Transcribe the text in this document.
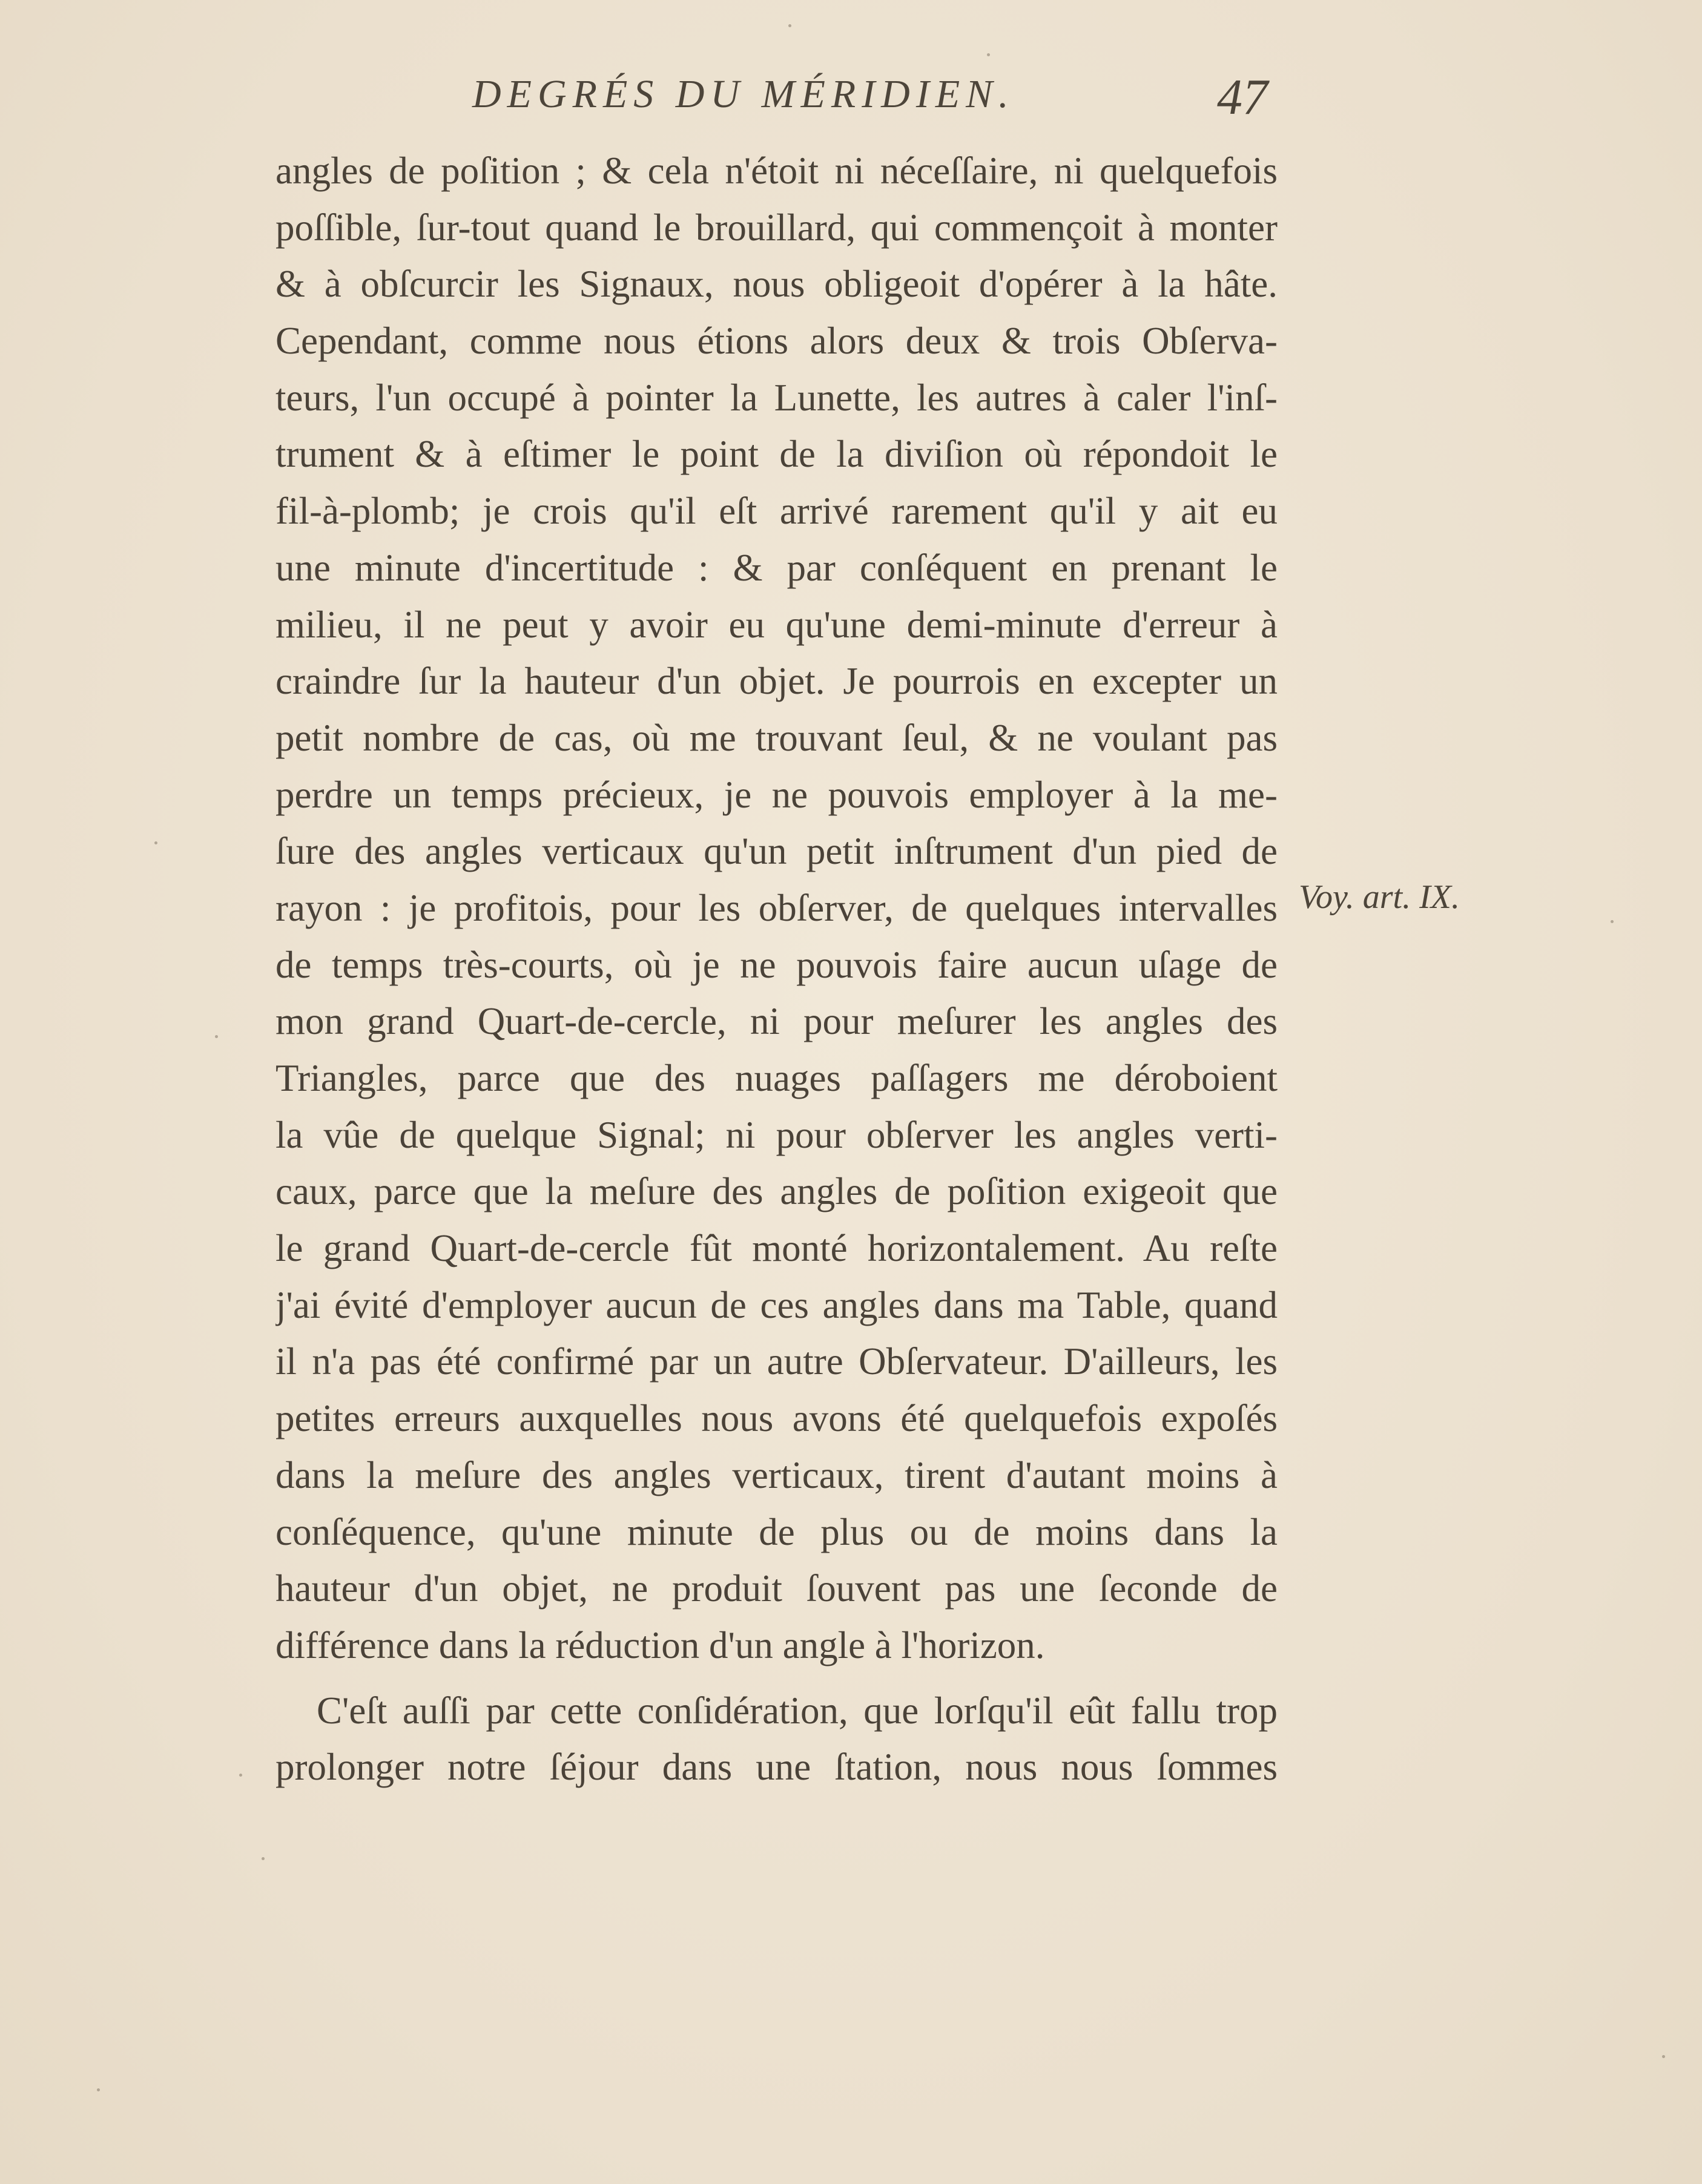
DEGRÉS DU MÉRIDIEN.	47
angles de poſition ; & cela n'étoit ni néceſſaire, ni quelquefois
poſſible, ſur-tout quand le brouillard, qui commençoit à monter
& à obſcurcir les Signaux, nous obligeoit d'opérer à la hâte.
Cependant, comme nous étions alors deux & trois Obſerva-
teurs, l'un occupé à pointer la Lunette, les autres à caler l'inſ-
trument & à eſtimer le point de la diviſion où répondoit le
fil-à-plomb; je crois qu'il eſt arrivé rarement qu'il y ait eu
une minute d'incertitude : & par conſéquent en prenant le
milieu, il ne peut y avoir eu qu'une demi-minute d'erreur à
craindre ſur la hauteur d'un objet. Je pourrois en excepter un
petit nombre de cas, où me trouvant ſeul, & ne voulant pas
perdre un temps précieux, je ne pouvois employer à la me-
ſure des angles verticaux qu'un petit inſtrument d'un pied de
rayon : je profitois, pour les obſerver, de quelques intervalles
de temps très-courts, où je ne pouvois faire aucun uſage de
mon grand Quart-de-cercle, ni pour meſurer les angles des
Triangles, parce que des nuages paſſagers me déroboient
la vûe de quelque Signal; ni pour obſerver les angles verti-
caux, parce que la meſure des angles de poſition exigeoit que
le grand Quart-de-cercle fût monté horizontalement. Au reſte
j'ai évité d'employer aucun de ces angles dans ma Table, quand
il n'a pas été confirmé par un autre Obſervateur. D'ailleurs, les
petites erreurs auxquelles nous avons été quelquefois expoſés
dans la meſure des angles verticaux, tirent d'autant moins à
conſéquence, qu'une minute de plus ou de moins dans la
hauteur d'un objet, ne produit ſouvent pas une ſeconde de
différence dans la réduction d'un angle à l'horizon.
C'eſt auſſi par cette conſidération, que lorſqu'il eût fallu trop
prolonger notre ſéjour dans une ſtation, nous nous ſommes
Voy. art. IX.
